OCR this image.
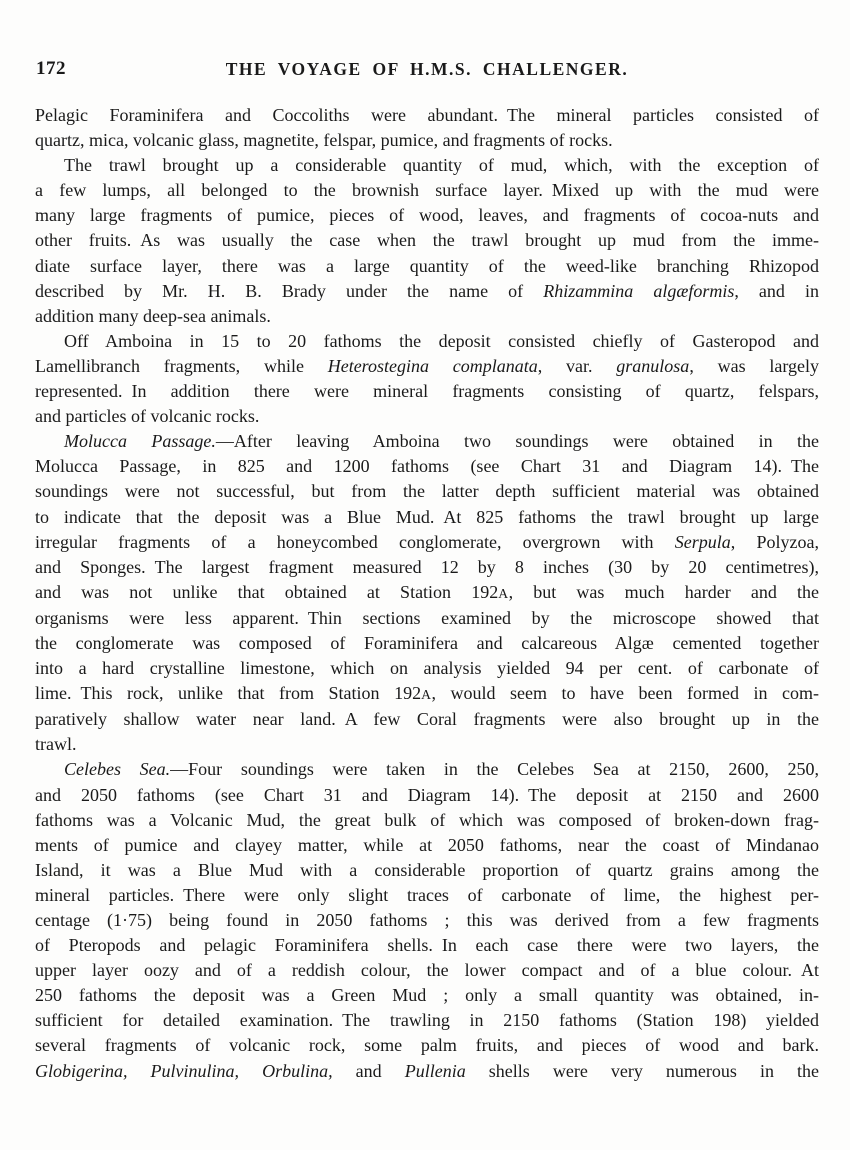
172	THE VOYAGE OF H.M.S. CHALLENGER.
Pelagic Foraminifera and Coccoliths were abundant. The mineral particles consisted of
quartz, mica, volcanic glass, magnetite, felspar, pumice, and fragments of rocks.
The trawl brought up a considerable quantity of mud, which, with the exception of
a few lumps, all belonged to the brownish surface layer. Mixed up with the mud were
many large fragments of pumice, pieces of wood, leaves, and fragments of cocoa-nuts and
other fruits. As was usually the case when the trawl brought up mud from the imme-
diate surface layer, there was a large quantity of the weed-like branching Rhizopod
described by Mr. H. B. Brady under the name of Rhizammina algæformis, and in
addition many deep-sea animals.
Off Amboina in 15 to 20 fathoms the deposit consisted chiefly of Gasteropod and
Lamellibranch fragments, while Heterostegina complanata, var. granulosa, was largely
represented. In addition there were mineral fragments consisting of quartz, felspars,
and particles of volcanic rocks.
Molucca Passage.—After leaving Amboina two soundings were obtained in the
Molucca Passage, in 825 and 1200 fathoms (see Chart 31 and Diagram 14). The
soundings were not successful, but from the latter depth sufficient material was obtained
to indicate that the deposit was a Blue Mud. At 825 fathoms the trawl brought up large
irregular fragments of a honeycombed conglomerate, overgrown with Serpula, Polyzoa,
and Sponges. The largest fragment measured 12 by 8 inches (30 by 20 centimetres),
and was not unlike that obtained at Station 192A, but was much harder and the
organisms were less apparent. Thin sections examined by the microscope showed that
the conglomerate was composed of Foraminifera and calcareous Algæ cemented together
into a hard crystalline limestone, which on analysis yielded 94 per cent. of carbonate of
lime. This rock, unlike that from Station 192A, would seem to have been formed in com-
paratively shallow water near land. A few Coral fragments were also brought up in the
trawl.
Celebes Sea.—Four soundings were taken in the Celebes Sea at 2150, 2600, 250,
and 2050 fathoms (see Chart 31 and Diagram 14). The deposit at 2150 and 2600
fathoms was a Volcanic Mud, the great bulk of which was composed of broken-down frag-
ments of pumice and clayey matter, while at 2050 fathoms, near the coast of Mindanao
Island, it was a Blue Mud with a considerable proportion of quartz grains among the
mineral particles. There were only slight traces of carbonate of lime, the highest per-
centage (1·75) being found in 2050 fathoms ; this was derived from a few fragments
of Pteropods and pelagic Foraminifera shells. In each case there were two layers, the
upper layer oozy and of a reddish colour, the lower compact and of a blue colour. At
250 fathoms the deposit was a Green Mud ; only a small quantity was obtained, in-
sufficient for detailed examination. The trawling in 2150 fathoms (Station 198) yielded
several fragments of volcanic rock, some palm fruits, and pieces of wood and bark.
Globigerina, Pulvinulina, Orbulina, and Pullenia shells were very numerous in the
